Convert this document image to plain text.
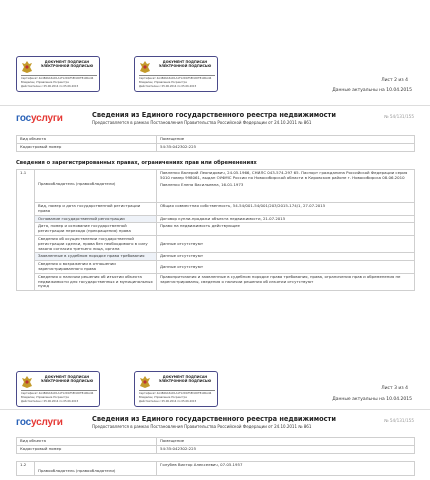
ДОКУМЕНТ ПОДПИСАН ЭЛЕКТРОННОЙ ПОДПИСЬЮ
Сертификат 4A4B26A5AD1A1F12D1E5ED2DF8190A46
Владелец: Управление Росреестра
Действителен с 05.06.2014 по 05.06.2015
ДОКУМЕНТ ПОДПИСАН ЭЛЕКТРОННОЙ ПОДПИСЬЮ
Сертификат 4A4B26A5AD1A1F12D1E5ED2DF8190A46
Владелец: Управление Росреестра
Действителен с 05.06.2014 по 05.06.2015
Лист 2 из 4
Данные актуальны на 10.04.2015
госуслуги	Сведения из Единого государственного реестра недвижимости
Предоставляется в рамках Постановления Правительства Российской Федерации от 24.10.2011 № 861
№ 54/131/155
Вид объекта	Помещение
Кадастровый номер	54:35:042302:225
Сведения о зарегистрированных правах, ограничениях прав или обременениях
1.1	Правообладатель (правообладатели)	Павленко Валерий Леонидович, 24.05.1966, СНИЛС 043-574-297 65. Паспорт гражданина Российской Федерации серия 5010 номер 998061, выдан ОУФМС России по Новосибирской области в Кировском районе г. Новосибирска 08.06.2010
Павленко Елена Васильевна, 16.01.1973

	Вид, номер и дата государственной регистрации права	Общая совместная собственность, 54-54/001-54/001/203/2015-174/1, 27.07.2015
	Основание государственной регистрации	Договор купли-продажи объекта недвижимости, 21.07.2015
	Дата, номер и основание государственной регистрации перехода (прекращения) права	Право на недвижимость действующее
	Сведения об осуществлении государственной регистрации сделки, права без необходимого в силу закона согласия третьего лица, органа	Данные отсутствуют
	Заявленные в судебном порядке права требования	Данные отсутствуют
	Сведения о возражении в отношении зарегистрированного права	Данные отсутствуют
	Сведения о наличии решения об изъятии объекта недвижимости для государственных и муниципальных нужд	Правопритязания и заявленные в судебном порядке права требования, права, ограничения прав и обременения не зарегистрированы, сведения о наличии решения об изъятии отсутствуют
ДОКУМЕНТ ПОДПИСАН ЭЛЕКТРОННОЙ ПОДПИСЬЮ
Сертификат 4A4B26A5AD1A1F12D1E5ED2DF8190A46
Владелец: Управление Росреестра
Действителен с 05.06.2014 по 05.06.2015
ДОКУМЕНТ ПОДПИСАН ЭЛЕКТРОННОЙ ПОДПИСЬЮ
Сертификат 4A4B26A5AD1A1F12D1E5ED2DF8190A46
Владелец: Управление Росреестра
Действителен с 05.06.2014 по 05.06.2015
Лист 3 из 4
Данные актуальны на 10.04.2015
госуслуги	Сведения из Единого государственного реестра недвижимости
Предоставляется в рамках Постановления Правительства Российской Федерации от 24.10.2011 № 861
№ 54/131/155
Вид объекта	Помещение
Кадастровый номер	54:35:042302:225
1.2	Правообладатель (правообладатели)	Голубев Виктор Алексеевич, 07.05.1957
